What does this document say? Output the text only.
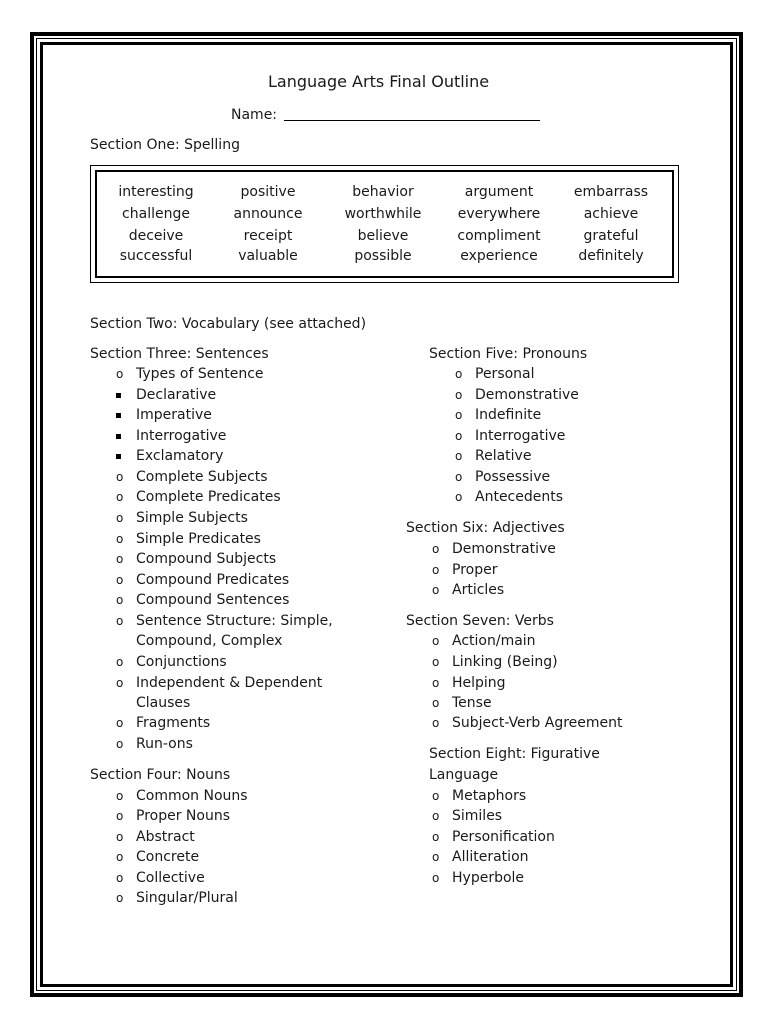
Language Arts Final Outline
Name:
Section One: Spelling
interesting	positive	behavior	argument	embarrass
challenge	announce	worthwhile	everywhere	achieve
deceive	receipt	believe	compliment	grateful
successful	valuable	possible	experience	definitely
Section Two: Vocabulary (see attached)
Section Three: Sentences
o Types of Sentence
Declarative
Imperative
Interrogative
Exclamatory
o Complete Subjects
o Complete Predicates
o Simple Subjects
o Simple Predicates
o Compound Subjects
o Compound Predicates
o Compound Sentences
o Sentence Structure: Simple,
Compound, Complex
o Conjunctions
o Independent & Dependent
Clauses
o Fragments
o Run-ons
Section Four: Nouns
o Common Nouns
o Proper Nouns
o Abstract
o Concrete
o Collective
o Singular/Plural
Section Five: Pronouns
o Personal
o Demonstrative
o Indefinite
o Interrogative
o Relative
o Possessive
o Antecedents
Section Six: Adjectives
o Demonstrative
o Proper
o Articles
Section Seven: Verbs
o Action/main
o Linking (Being)
o Helping
o Tense
o Subject-Verb Agreement
Section Eight: Figurative
Language
o Metaphors
o Similes
o Personification
o Alliteration
o Hyperbole
